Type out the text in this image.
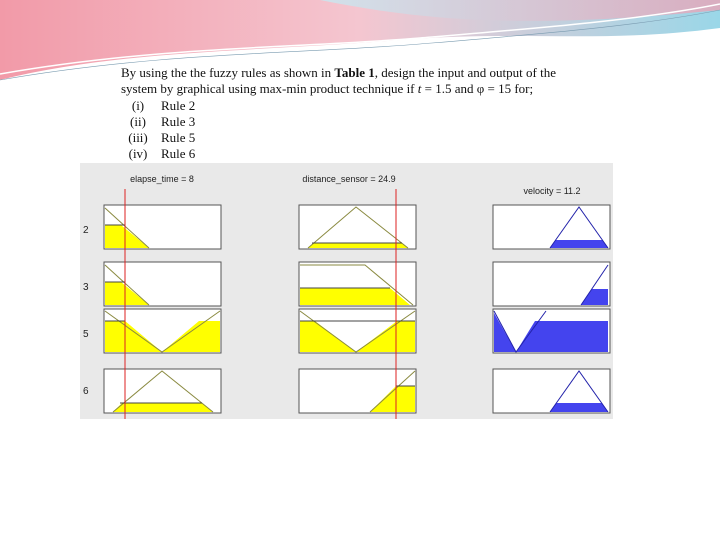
By using the the fuzzy rules as shown in Table 1, design the input and output of the
system by graphical using max-min product technique if t = 1.5 and φ = 15 for;
(i) Rule 2
(ii) Rule 3
(iii) Rule 5
(iv) Rule 6
elapse_time = 8	distance_sensor = 24.9
velocity = 11.2
2
3
5
6
